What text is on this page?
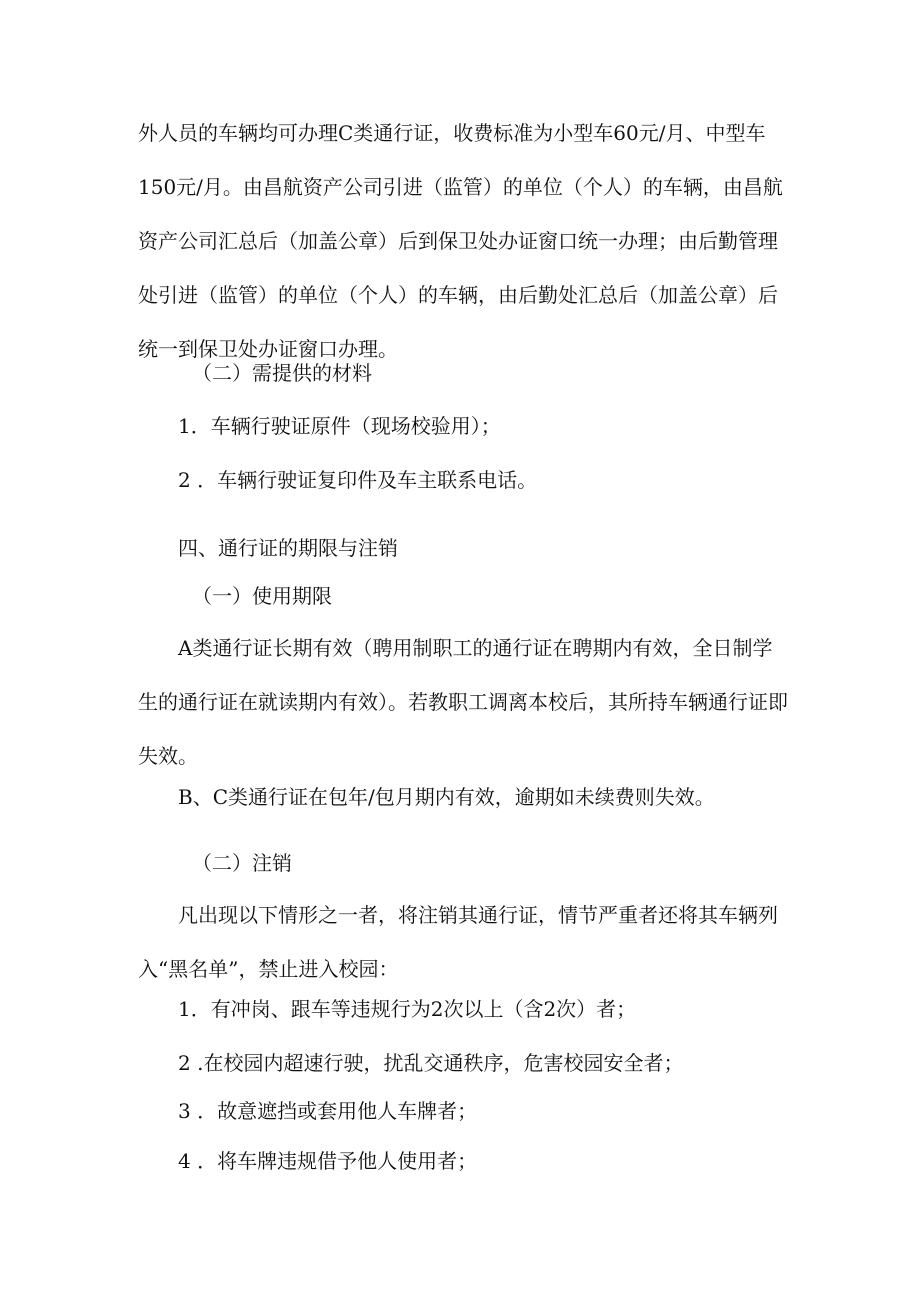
外人员的车辆均可办理C类通行证，收费标准为小型车60元/月、中型车150元/月。由昌航资产公司引进（监管）的单位（个人）的车辆，由昌航资产公司汇总后（加盖公章）后到保卫处办证窗口统一办理；由后勤管理处引进（监管）的单位（个人）的车辆，由后勤处汇总后（加盖公章）后统一到保卫处办证窗口办理。

（二）需提供的材料
1．车辆行驶证原件（现场校验用）；
2 ．车辆行驶证复印件及车主联系电话。
四、通行证的期限与注销
（一）使用期限

A类通行证长期有效（聘用制职工的通行证在聘期内有效，全日制学生的通行证在就读期内有效）。若教职工调离本校后，其所持车辆通行证即失效。

B、C类通行证在包年/包月期内有效，逾期如未续费则失效。

（二）注销

凡出现以下情形之一者，将注销其通行证，情节严重者还将其车辆列入“黑名单”，禁止进入校园：

1．有冲岗、跟车等违规行为2次以上（含2次）者；
2 .在校园内超速行驶，扰乱交通秩序，危害校园安全者；
3 ．故意遮挡或套用他人车牌者；
4 ．将车牌违规借予他人使用者；
